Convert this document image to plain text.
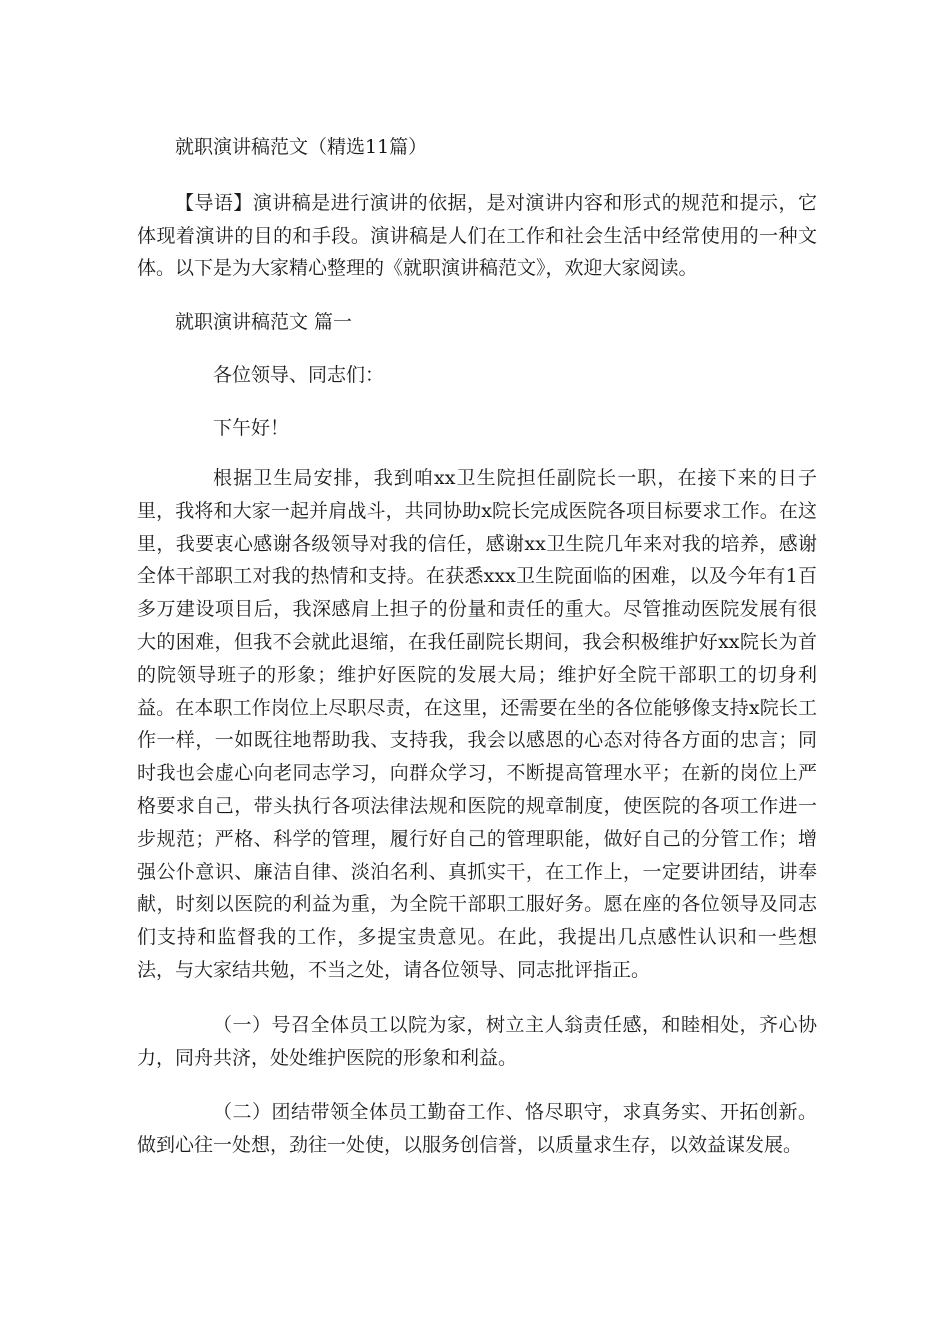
就职演讲稿范文（精选11篇）

【导语】演讲稿是进行演讲的依据，是对演讲内容和形式的规范和提示，它体现着演讲的目的和手段。演讲稿是人们在工作和社会生活中经常使用的一种文体。以下是为大家精心整理的《就职演讲稿范文》，欢迎大家阅读。

就职演讲稿范文 篇一

各位领导、同志们：

下午好！

根据卫生局安排，我到咱xx卫生院担任副院长一职，在接下来的日子里，我将和大家一起并肩战斗，共同协助x院长完成医院各项目标要求工作。在这里，我要衷心感谢各级领导对我的信任，感谢xx卫生院几年来对我的培养，感谢全体干部职工对我的热情和支持。在获悉xxx卫生院面临的困难，以及今年有1百多万建设项目后，我深感肩上担子的份量和责任的重大。尽管推动医院发展有很大的困难，但我不会就此退缩，在我任副院长期间，我会积极维护好xx院长为首的院领导班子的形象；维护好医院的发展大局；维护好全院干部职工的切身利益。在本职工作岗位上尽职尽责，在这里，还需要在坐的各位能够像支持x院长工作一样，一如既往地帮助我、支持我，我会以感恩的心态对待各方面的忠言；同时我也会虚心向老同志学习，向群众学习，不断提高管理水平；在新的岗位上严格要求自己，带头执行各项法律法规和医院的规章制度，使医院的各项工作进一步规范；严格、科学的管理，履行好自己的管理职能，做好自己的分管工作；增强公仆意识、廉洁自律、淡泊名利、真抓实干，在工作上，一定要讲团结，讲奉献，时刻以医院的利益为重，为全院干部职工服好务。愿在座的各位领导及同志们支持和监督我的工作，多提宝贵意见。在此，我提出几点感性认识和一些想法，与大家结共勉，不当之处，请各位领导、同志批评指正。

（一）号召全体员工以院为家，树立主人翁责任感，和睦相处，齐心协力，同舟共济，处处维护医院的形象和利益。

（二）团结带领全体员工勤奋工作、恪尽职守，求真务实、开拓创新。做到心往一处想，劲往一处使，以服务创信誉，以质量求生存，以效益谋发展。
